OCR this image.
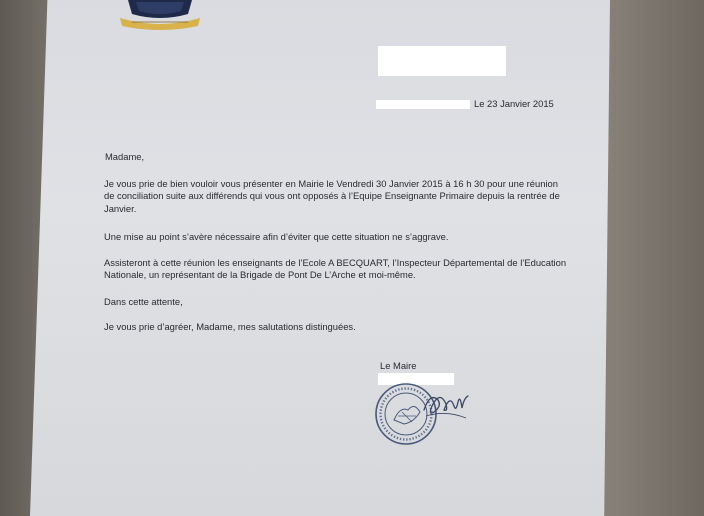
Le 23 Janvier 2015

Madame,

Je vous prie de bien vouloir vous présenter en Mairie le Vendredi 30 Janvier 2015 à 16 h 30 pour une réunion
de conciliation suite aux différends qui vous ont opposés à l’Equipe Enseignante Primaire depuis la rentrée de
Janvier.
Une mise au point s’avère nécessaire afin d’éviter que cette situation ne s’aggrave.
Assisteront à cette réunion les enseignants de l’Ecole A BECQUART, l’Inspecteur Départemental de l’Education
Nationale, un représentant de la Brigade de Pont De L’Arche et moi-même.
Dans cette attente,
Je vous prie d’agréer, Madame, mes salutations distinguées.

Le Maire
